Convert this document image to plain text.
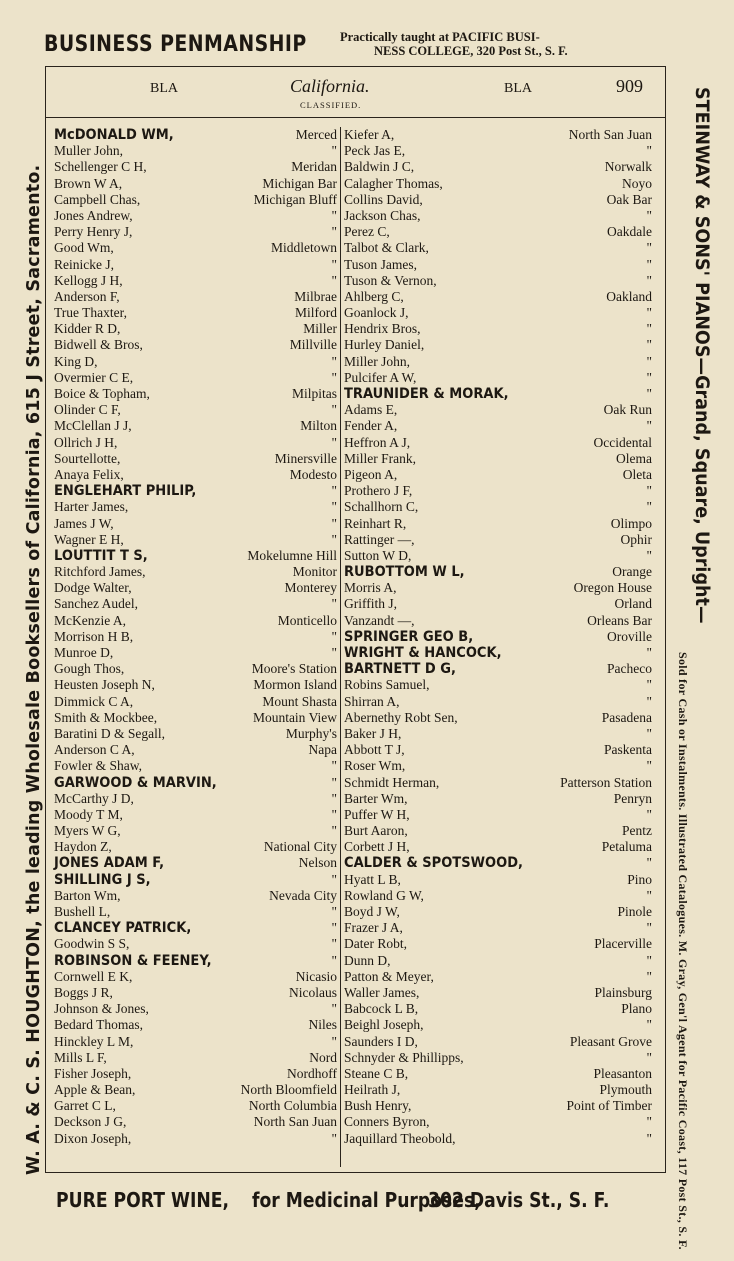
BUSINESS PENMANSHIP	Practically taught at PACIFIC BUSI-
NESS COLLEGE, 320 Post St., S. F.
W. A. & C. S. HOUGHTON, the leading Wholesale Booksellers of California, 615 J Street, Sacramento.	STEINWAY & SONS' PIANOS—Grand, Square, Upright—
Sold for Cash or Instalments. Illustrated Catalogues. M. Gray, Gen'l Agent for Pacific Coast, 117 Post St., S. F.
BLA	California.
CLASSIFIED.
BLA	909
McDONALD WM,	Merced
Muller John,	"
Schellenger C H,	Meridan
Brown W A,	Michigan Bar
Campbell Chas,	Michigan Bluff
Jones Andrew,	"
Perry Henry J,	"
Good Wm,	Middletown
Reinicke J,	"
Kellogg J H,	"
Anderson F,	Milbrae
True Thaxter,	Milford
Kidder R D,	Miller
Bidwell & Bros,	Millville
King D,	"
Overmier C E,	"
Boice & Topham,	Milpitas
Olinder C F,	"
McClellan J J,	Milton
Ollrich J H,	"
Sourtellotte,	Minersville
Anaya Felix,	Modesto
ENGLEHART PHILIP,	"
Harter James,	"
James J W,	"
Wagner E H,	"
LOUTTIT T S,	Mokelumne Hill
Ritchford James,	Monitor
Dodge Walter,	Monterey
Sanchez Audel,	"
McKenzie A,	Monticello
Morrison H B,	"
Munroe D,	"
Gough Thos,	Moore's Station
Heusten Joseph N,	Mormon Island
Dimmick C A,	Mount Shasta
Smith & Mockbee,	Mountain View
Baratini D & Segall,	Murphy's
Anderson C A,	Napa
Fowler & Shaw,	"
GARWOOD & MARVIN,	"
McCarthy J D,	"
Moody T M,	"
Myers W G,	"
Haydon Z,	National City
JONES ADAM F,	Nelson
SHILLING J S,	"
Barton Wm,	Nevada City
Bushell L,	"
CLANCEY PATRICK,	"
Goodwin S S,	"
ROBINSON & FEENEY,	"
Cornwell E K,	Nicasio
Boggs J R,	Nicolaus
Johnson & Jones,	"
Bedard Thomas,	Niles
Hinckley L M,	"
Mills L F,	Nord
Fisher Joseph,	Nordhoff
Apple & Bean,	North Bloomfield
Garret C L,	North Columbia
Deckson J G,	North San Juan
Dixon Joseph,	"
Kiefer A,	North San Juan
Peck Jas E,	"
Baldwin J C,	Norwalk
Calagher Thomas,	Noyo
Collins David,	Oak Bar
Jackson Chas,	"
Perez C,	Oakdale
Talbot & Clark,	"
Tuson James,	"
Tuson & Vernon,	"
Ahlberg C,	Oakland
Goanlock J,	"
Hendrix Bros,	"
Hurley Daniel,	"
Miller John,	"
Pulcifer A W,	"
TRAUNIDER & MORAK,	"
Adams E,	Oak Run
Fender A,	"
Heffron A J,	Occidental
Miller Frank,	Olema
Pigeon A,	Oleta
Prothero J F,	"
Schallhorn C,	"
Reinhart R,	Olimpo
Rattinger —,	Ophir
Sutton W D,	"
RUBOTTOM W L,	Orange
Morris A,	Oregon House
Griffith J,	Orland
Vanzandt —,	Orleans Bar
SPRINGER GEO B,	Oroville
WRIGHT & HANCOCK,	"
BARTNETT D G,	Pacheco
Robins Samuel,	"
Shirran A,	"
Abernethy Robt Sen,	Pasadena
Baker J H,	"
Abbott T J,	Paskenta
Roser Wm,	"
Schmidt Herman,	Patterson Station
Barter Wm,	Penryn
Puffer W H,	"
Burt Aaron,	Pentz
Corbett J H,	Petaluma
CALDER & SPOTSWOOD,	"
Hyatt L B,	Pino
Rowland G W,	"
Boyd J W,	Pinole
Frazer J A,	"
Dater Robt,	Placerville
Dunn D,	"
Patton & Meyer,	"
Waller James,	Plainsburg
Babcock L B,	Plano
Beighl Joseph,	"
Saunders I D,	Pleasant Grove
Schnyder & Phillipps,	"
Steane C B,	Pleasanton
Heilrath J,	Plymouth
Bush Henry,	Point of Timber
Conners Byron,	"
Jaquillard Theobold,	"
PURE PORT WINE, for Medicinal Purposes,
302 Davis St., S. F.
